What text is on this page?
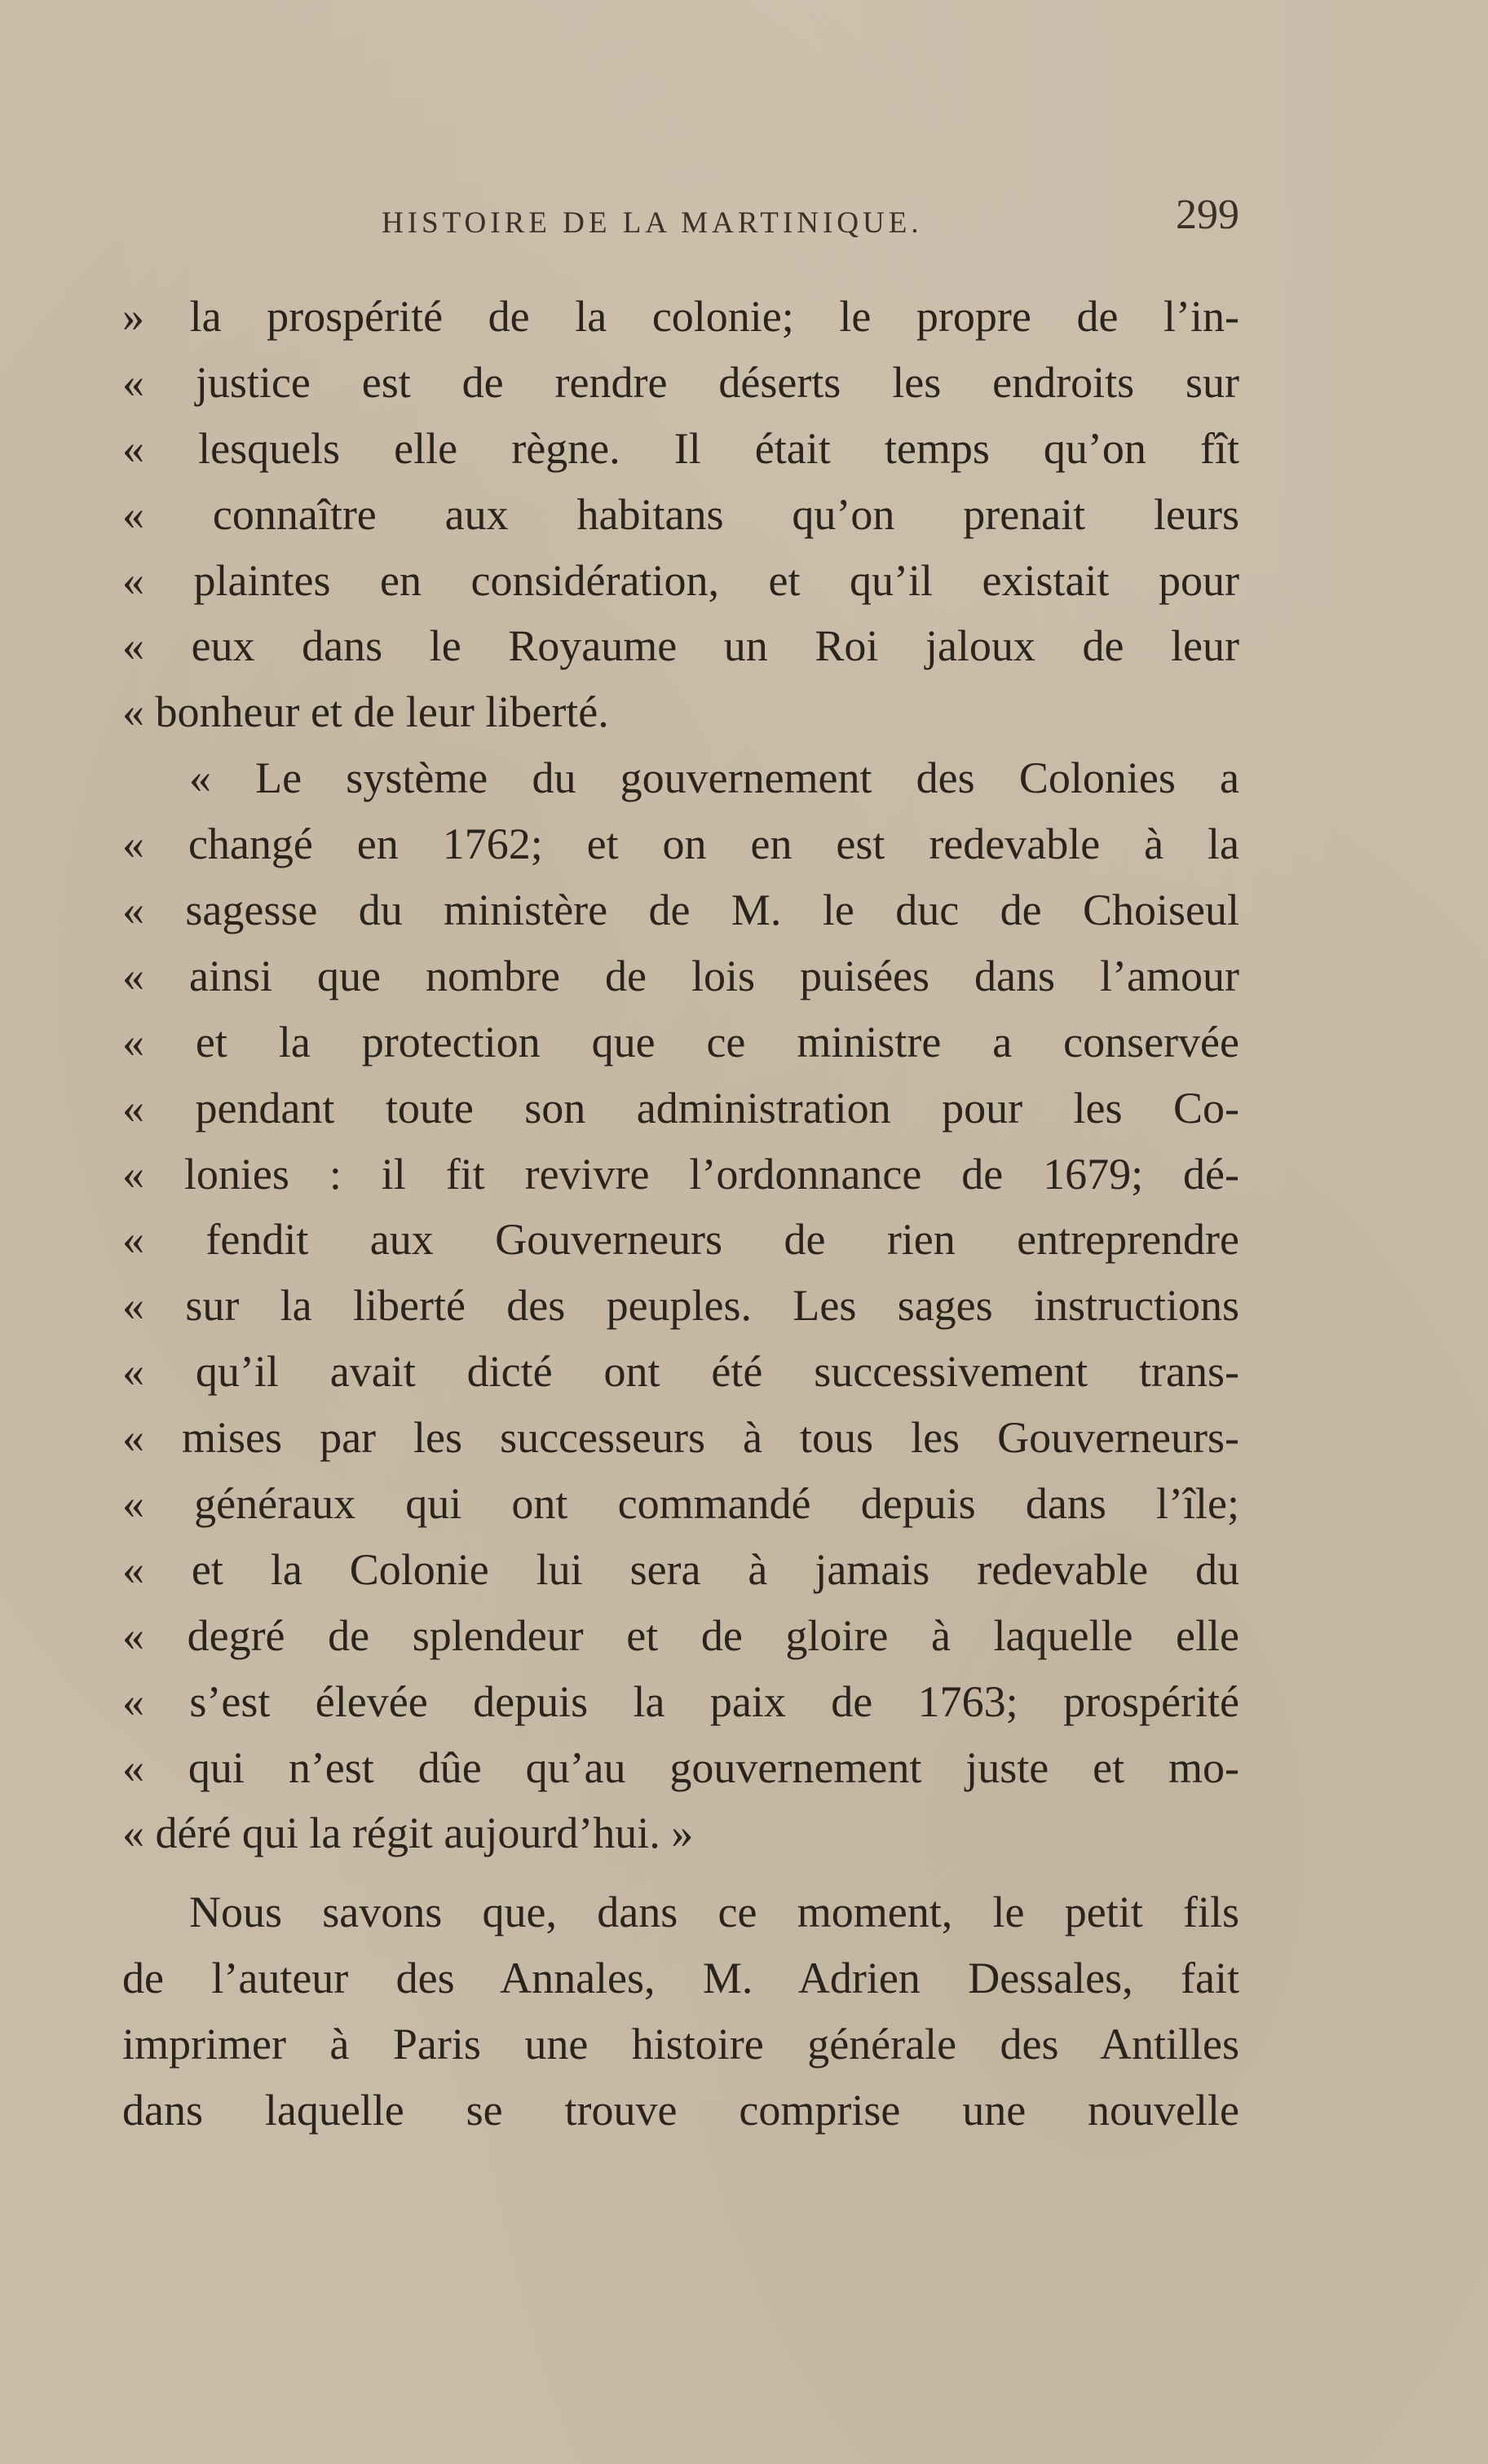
HISTOIRE DE LA MARTINIQUE.	299
» la prospérité de la colonie; le propre de l’in-
« justice est de rendre déserts les endroits sur
« lesquels elle règne. Il était temps qu’on fît
« connaître aux habitans qu’on prenait leurs
« plaintes en considération, et qu’il existait pour
« eux dans le Royaume un Roi jaloux de leur
« bonheur et de leur liberté.
« Le système du gouvernement des Colonies a
« changé en 1762; et on en est redevable à la
« sagesse du ministère de M. le duc de Choiseul
« ainsi que nombre de lois puisées dans l’amour
« et la protection que ce ministre a conservée
« pendant toute son administration pour les Co-
« lonies : il fit revivre l’ordonnance de 1679; dé-
« fendit aux Gouverneurs de rien entreprendre
« sur la liberté des peuples. Les sages instructions
« qu’il avait dicté ont été successivement trans-
« mises par les successeurs à tous les Gouverneurs-
« généraux qui ont commandé depuis dans l’île;
« et la Colonie lui sera à jamais redevable du
« degré de splendeur et de gloire à laquelle elle
« s’est élevée depuis la paix de 1763; prospérité
« qui n’est dûe qu’au gouvernement juste et mo-
« déré qui la régit aujourd’hui. »
Nous savons que, dans ce moment, le petit fils
de l’auteur des Annales, M. Adrien Dessales, fait
imprimer à Paris une histoire générale des Antilles
dans laquelle se trouve comprise une nouvelle
